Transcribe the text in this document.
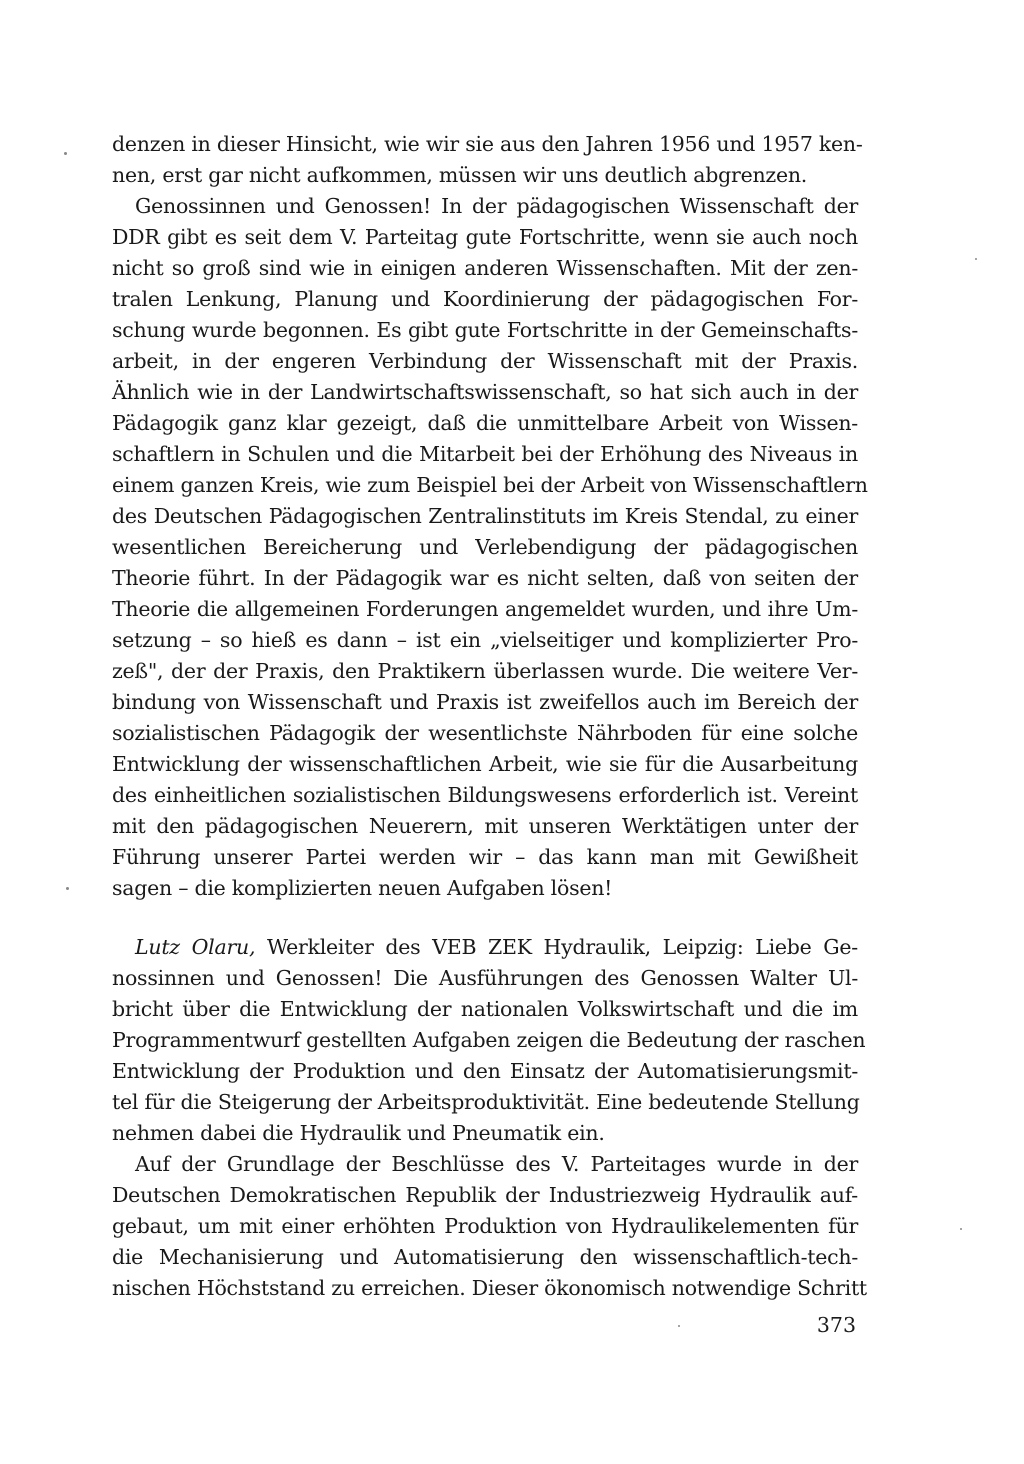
denzen in dieser Hinsicht, wie wir sie aus den Jahren 1956 und 1957 ken-
nen, erst gar nicht aufkommen, müssen wir uns deutlich abgrenzen.
Genossinnen und Genossen! In der pädagogischen Wissenschaft der
DDR gibt es seit dem V. Parteitag gute Fortschritte, wenn sie auch noch
nicht so groß sind wie in einigen anderen Wissenschaften. Mit der zen-
tralen Lenkung, Planung und Koordinierung der pädagogischen For-
schung wurde begonnen. Es gibt gute Fortschritte in der Gemeinschafts-
arbeit, in der engeren Verbindung der Wissenschaft mit der Praxis.
Ähnlich wie in der Landwirtschaftswissenschaft, so hat sich auch in der
Pädagogik ganz klar gezeigt, daß die unmittelbare Arbeit von Wissen-
schaftlern in Schulen und die Mitarbeit bei der Erhöhung des Niveaus in
einem ganzen Kreis, wie zum Beispiel bei der Arbeit von Wissenschaftlern
des Deutschen Pädagogischen Zentralinstituts im Kreis Stendal, zu einer
wesentlichen Bereicherung und Verlebendigung der pädagogischen
Theorie führt. In der Pädagogik war es nicht selten, daß von seiten der
Theorie die allgemeinen Forderungen angemeldet wurden, und ihre Um-
setzung – so hieß es dann – ist ein „vielseitiger und komplizierter Pro-
zeß", der der Praxis, den Praktikern überlassen wurde. Die weitere Ver-
bindung von Wissenschaft und Praxis ist zweifellos auch im Bereich der
sozialistischen Pädagogik der wesentlichste Nährboden für eine solche
Entwicklung der wissenschaftlichen Arbeit, wie sie für die Ausarbeitung
des einheitlichen sozialistischen Bildungswesens erforderlich ist. Vereint
mit den pädagogischen Neuerern, mit unseren Werktätigen unter der
Führung unserer Partei werden wir – das kann man mit Gewißheit
sagen – die komplizierten neuen Aufgaben lösen!
Lutz Olaru, Werkleiter des VEB ZEK Hydraulik, Leipzig: Liebe Ge-
nossinnen und Genossen! Die Ausführungen des Genossen Walter Ul-
bricht über die Entwicklung der nationalen Volkswirtschaft und die im
Programmentwurf gestellten Aufgaben zeigen die Bedeutung der raschen
Entwicklung der Produktion und den Einsatz der Automatisierungsmit-
tel für die Steigerung der Arbeitsproduktivität. Eine bedeutende Stellung
nehmen dabei die Hydraulik und Pneumatik ein.
Auf der Grundlage der Beschlüsse des V. Parteitages wurde in der
Deutschen Demokratischen Republik der Industriezweig Hydraulik auf-
gebaut, um mit einer erhöhten Produktion von Hydraulikelementen für
die Mechanisierung und Automatisierung den wissenschaftlich-tech-
nischen Höchststand zu erreichen. Dieser ökonomisch notwendige Schritt
373
